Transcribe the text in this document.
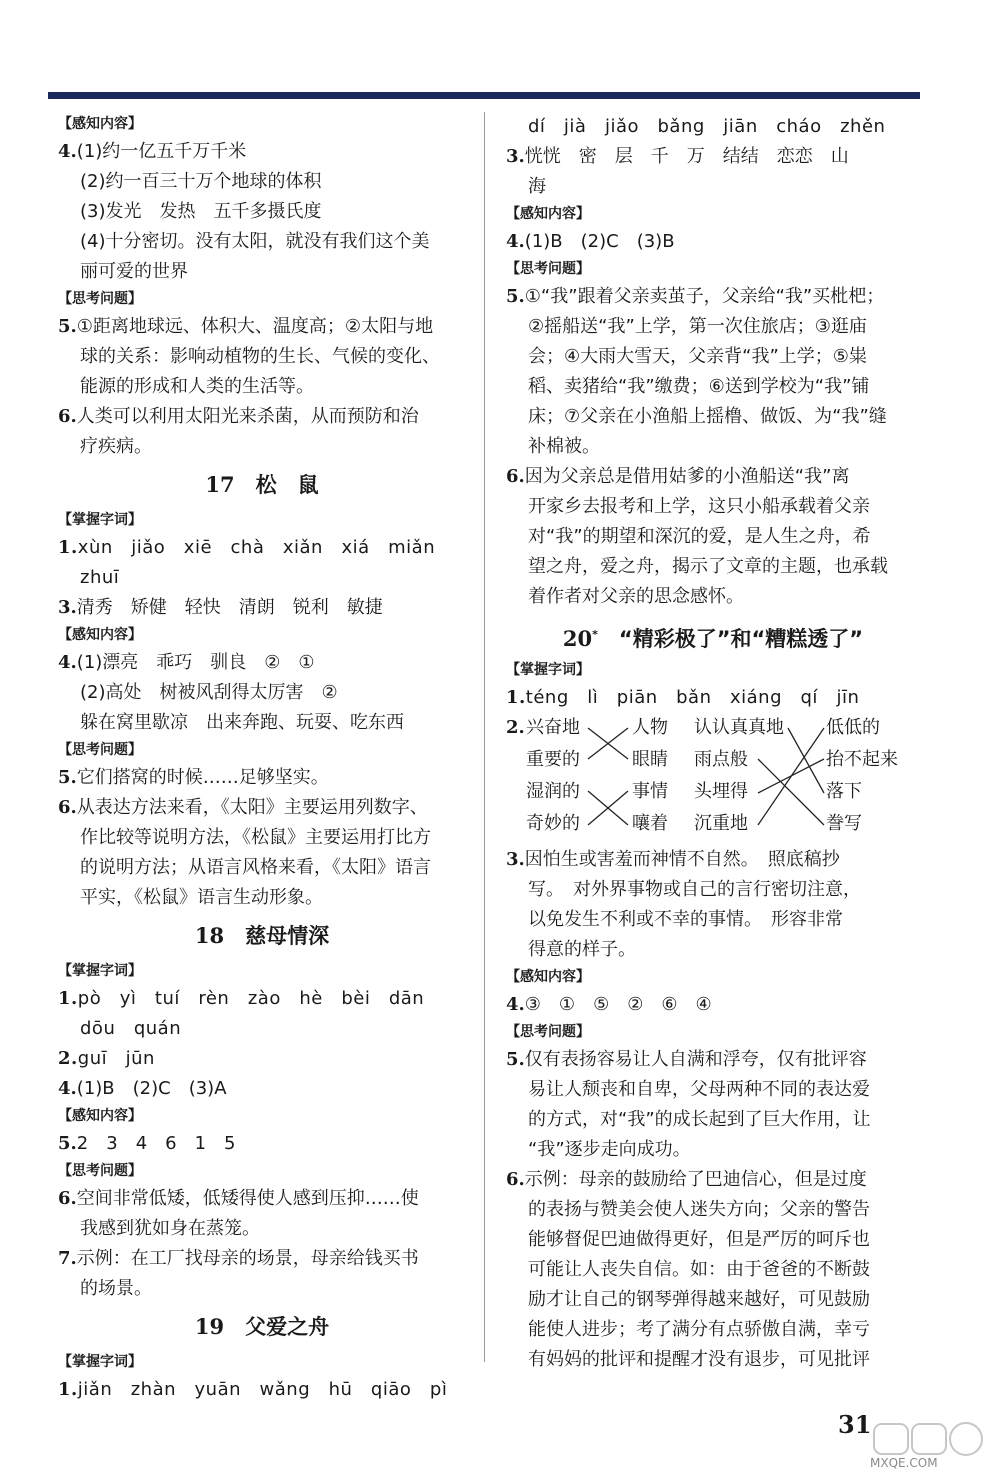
【感知内容】
4.(1)约一亿五千万千米
(2)约一百三十万个地球的体积
(3)发光　发热　五千多摄氏度
(4)十分密切。没有太阳，就没有我们这个美
丽可爱的世界
【思考问题】
5.①距离地球远、体积大、温度高；②太阳与地
球的关系：影响动植物的生长、气候的变化、
能源的形成和人类的生活等。
6.人类可以利用太阳光来杀菌，从而预防和治
疗疾病。
17　 松　鼠
【掌握字词】
1.xùn　jiǎo　xiē　chà　xiǎn　xiá　miǎn
zhuī
3.清秀　矫健　轻快　清朗　锐利　敏捷
【感知内容】
4.(1)漂亮　乖巧　驯良　②　①
(2)高处　树被风刮得太厉害　②
躲在窝里歇凉　出来奔跑、玩耍、吃东西
【思考问题】
5.它们搭窝的时候……足够坚实。
6.从表达方法来看，《太阳》主要运用列数字、
作比较等说明方法，《松鼠》主要运用打比方
的说明方法；从语言风格来看，《太阳》语言
平实，《松鼠》语言生动形象。
18　 慈母情深
【掌握字词】
1.pò　yì　tuí　rèn　zào　hè　bèi　dān
dōu　quán
2.guī　jūn
4.(1)B　(2)C　(3)A
【感知内容】
5.2　3　4　6　1　5
【思考问题】
6.空间非常低矮，低矮得使人感到压抑……使
我感到犹如身在蒸笼。
7.示例：在工厂找母亲的场景，母亲给钱买书
的场景。
19　 父爱之舟
【掌握字词】
1.jiǎn　zhàn　yuān　wǎng　hū　qiāo　pì
dí　jià　jiǎo　bǎng　jiān　cháo　zhěn
3.恍恍　密　层　千　万　结结　恋恋　山
海
【感知内容】
4.(1)B　(2)C　(3)B
【思考问题】
5.①“我”跟着父亲卖茧子，父亲给“我”买枇杷；
②摇船送“我”上学，第一次住旅店；③逛庙
会；④大雨大雪天，父亲背“我”上学；⑤粜
稻、卖猪给“我”缴费；⑥送到学校为“我”铺
床；⑦父亲在小渔船上摇橹、做饭、为“我”缝
补棉被。
6.因为父亲总是借用姑爹的小渔船送“我”离
开家乡去报考和上学，这只小船承载着父亲
对“我”的期望和深沉的爱，是人生之舟，希
望之舟，爱之舟，揭示了文章的主题，也承载
着作者对父亲的思念感怀。
20*　 “精彩极了”和“糟糕透了”
【掌握字词】
1.téng　lì　piān　bǎn　xiáng　qí　jīn
2. 兴奋地
重要的
湿润的
奇妙的
人物
眼睛
事情
嚷着
认认真真地
雨点般
头埋得
沉重地
低低的
抬不起来
落下
誊写
3.因怕生或害羞而神情不自然。　照底稿抄
写。　对外界事物或自己的言行密切注意，
以免发生不利或不幸的事情。　形容非常
得意的样子。
【感知内容】
4.③　①　⑤　②　⑥　④
【思考问题】
5.仅有表扬容易让人自满和浮夸，仅有批评容
易让人颓丧和自卑，父母两种不同的表达爱
的方式，对“我”的成长起到了巨大作用，让
“我”逐步走向成功。
6.示例：母亲的鼓励给了巴迪信心，但是过度
的表扬与赞美会使人迷失方向；父亲的警告
能够督促巴迪做得更好，但是严厉的呵斥也
可能让人丧失自信。如：由于爸爸的不断鼓
励才让自己的钢琴弹得越来越好，可见鼓励
能使人进步；考了满分有点骄傲自满，幸亏
有妈妈的批评和提醒才没有退步，可见批评
31
MXQE.COM
